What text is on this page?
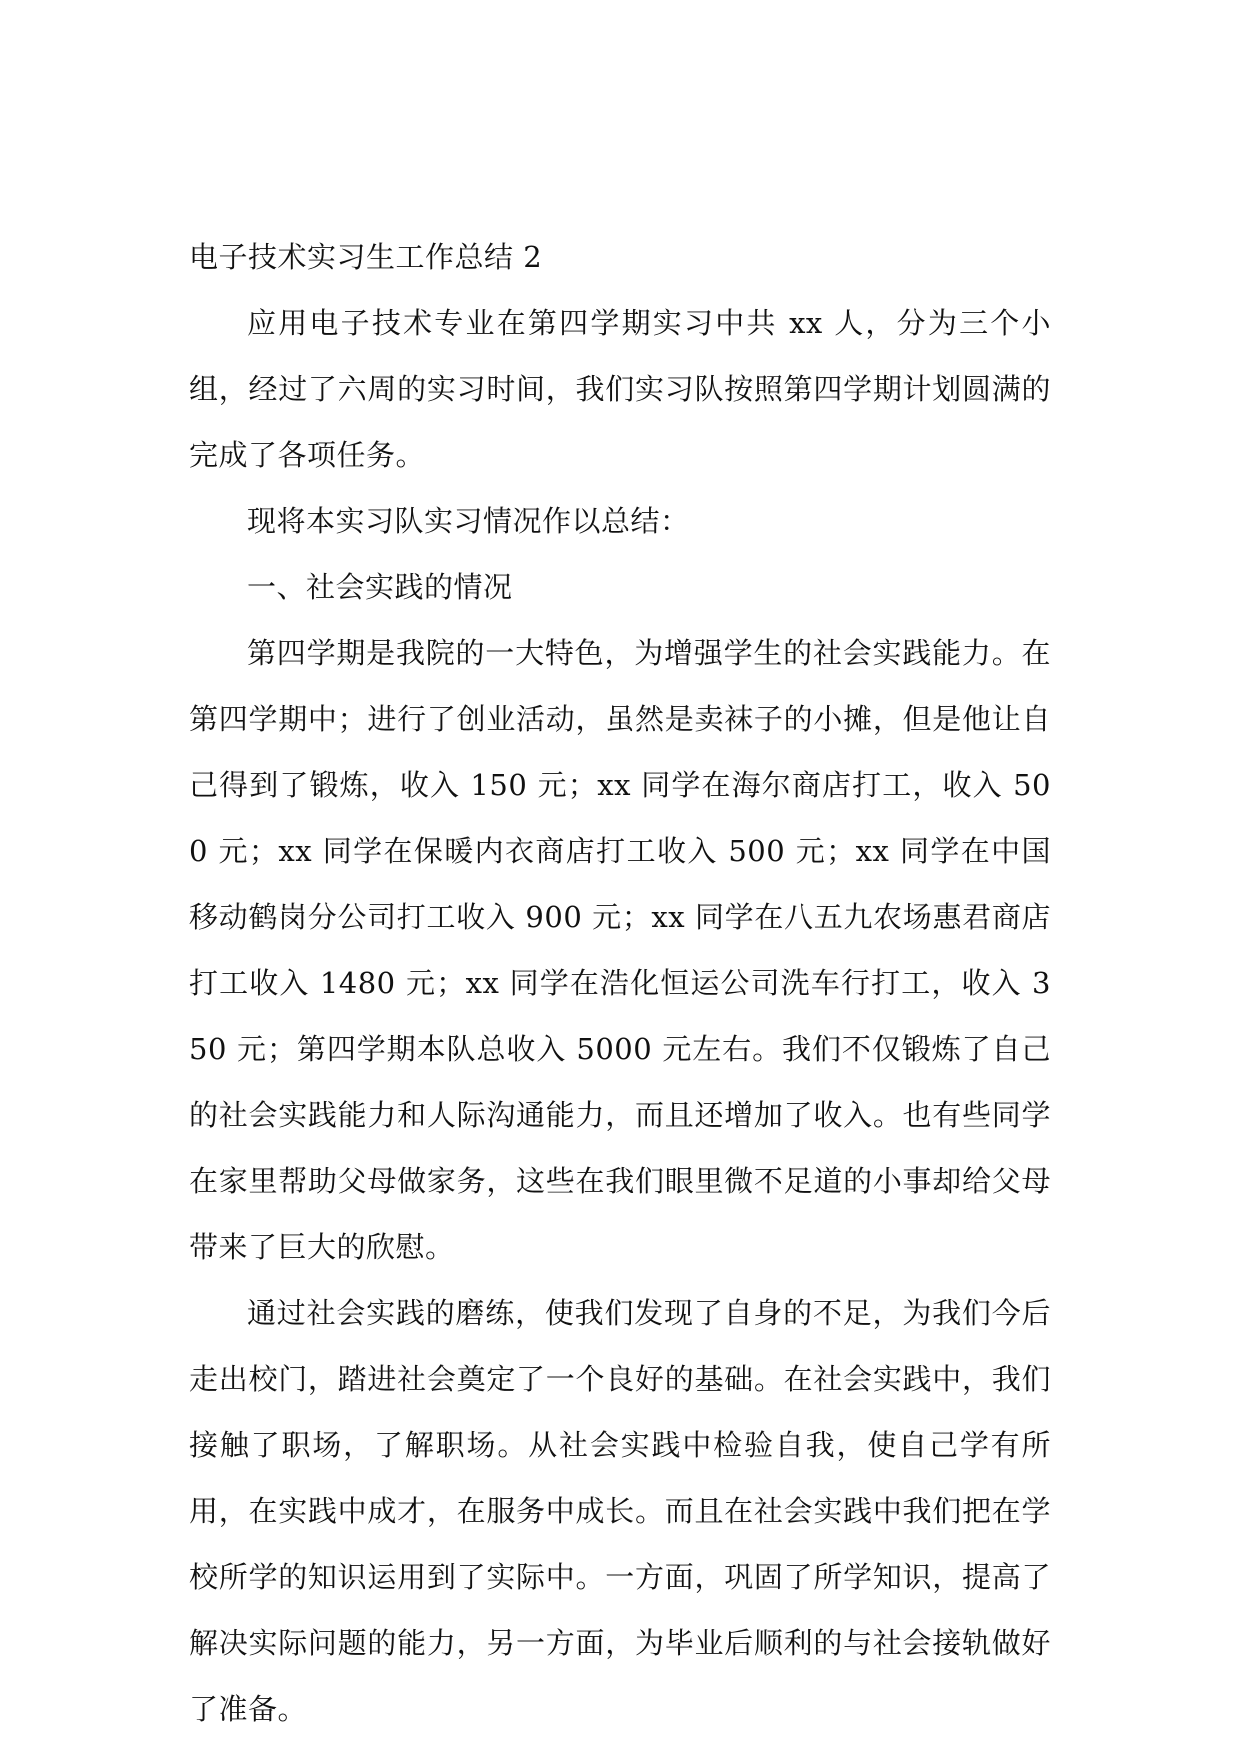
电子技术实习生工作总结 2

应用电子技术专业在第四学期实习中共 xx 人，分为三个小组，经过了六周的实习时间，我们实习队按照第四学期计划圆满的完成了各项任务。

现将本实习队实习情况作以总结：

一、社会实践的情况

第四学期是我院的一大特色，为增强学生的社会实践能力。在第四学期中；进行了创业活动，虽然是卖袜子的小摊，但是他让自己得到了锻炼，收入 150 元；xx 同学在海尔商店打工，收入 500 元；xx 同学在保暖内衣商店打工收入 500 元；xx 同学在中国移动鹤岗分公司打工收入 900 元；xx 同学在八五九农场惠君商店打工收入 1480 元；xx 同学在浩化恒运公司洗车行打工，收入 350 元；第四学期本队总收入 5000 元左右。我们不仅锻炼了自己的社会实践能力和人际沟通能力，而且还增加了收入。也有些同学在家里帮助父母做家务，这些在我们眼里微不足道的小事却给父母带来了巨大的欣慰。

通过社会实践的磨练，使我们发现了自身的不足，为我们今后走出校门，踏进社会奠定了一个良好的基础。在社会实践中，我们接触了职场，了解职场。从社会实践中检验自我，使自己学有所用，在实践中成才，在服务中成长。而且在社会实践中我们把在学校所学的知识运用到了实际中。一方面，巩固了所学知识，提高了解决实际问题的能力，另一方面，为毕业后顺利的与社会接轨做好了准备。
